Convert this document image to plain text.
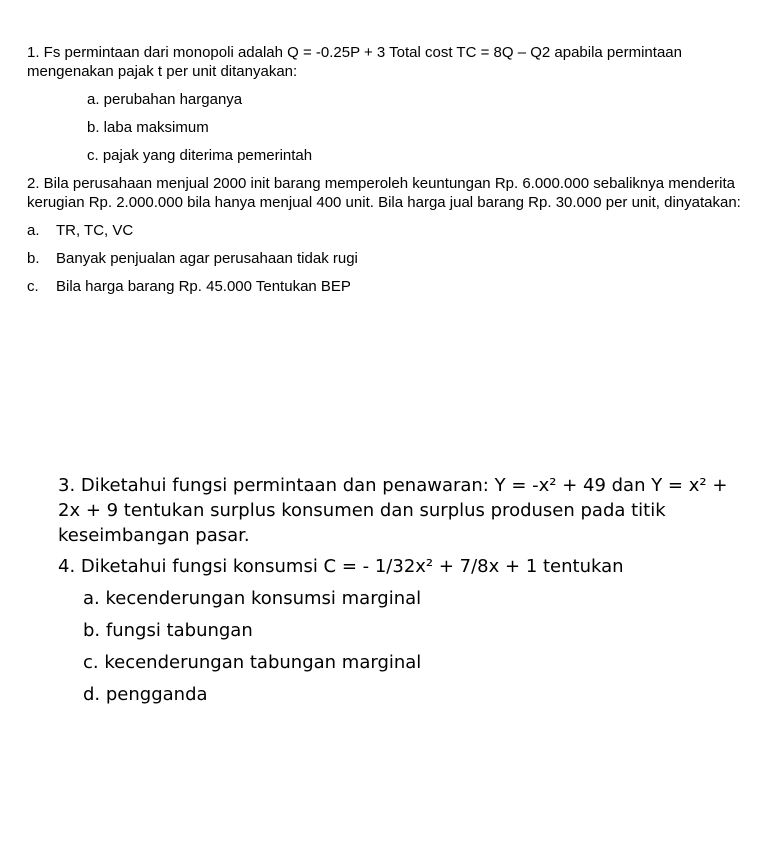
1. Fs permintaan dari monopoli adalah Q = -0.25P + 3 Total cost TC = 8Q – Q2 apabila permintaan mengenakan pajak t per unit ditanyakan:

a. perubahan harganya
b. laba maksimum
c. pajak yang diterima pemerintah

2. Bila perusahaan menjual 2000 init barang memperoleh keuntungan Rp. 6.000.000 sebaliknya menderita kerugian Rp. 2.000.000 bila hanya menjual 400 unit. Bila harga jual barang Rp. 30.000 per unit, dinyatakan:

a.	TR, TC, VC
b.	Banyak penjualan agar perusahaan tidak rugi
c.	Bila harga barang Rp. 45.000 Tentukan BEP

3. Diketahui fungsi permintaan dan penawaran: Y = -x² + 49 dan Y = x² + 2x + 9 tentukan surplus konsumen dan surplus produsen pada titik keseimbangan pasar.

4. Diketahui fungsi konsumsi C = - 1/32x² + 7/8x + 1 tentukan

a. kecenderungan konsumsi marginal
b. fungsi tabungan
c. kecenderungan tabungan marginal
d. pengganda
